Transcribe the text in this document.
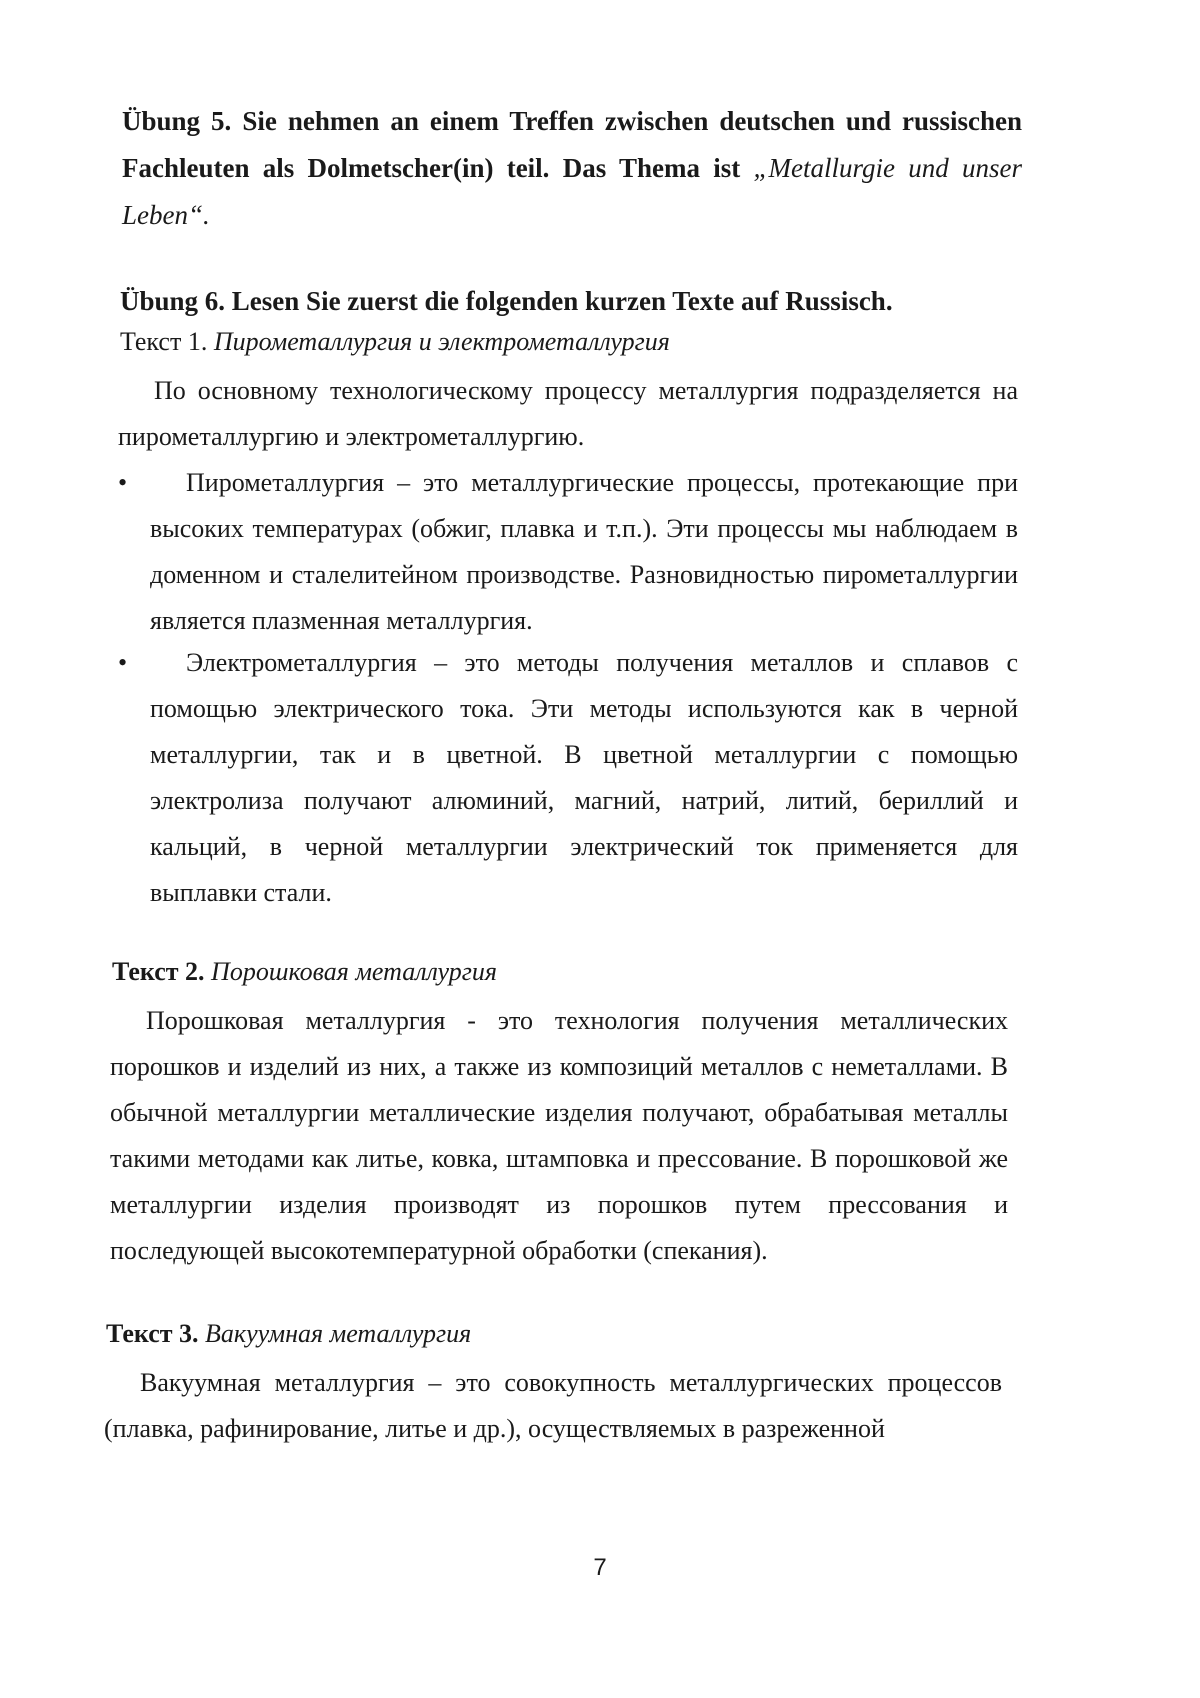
Übung 5. Sie nehmen an einem Treffen zwischen deutschen und russischen Fachleuten als Dolmetscher(in) teil. Das Thema ist „Metallurgie und unser Leben“.
Übung 6. Lesen Sie zuerst die folgenden kurzen Texte auf Russisch.
Текст 1. Пирометаллургия и электрометаллургия
По основному технологическому процессу металлургия подразделяется на пирометаллургию и электрометаллургию.
•	Пирометаллургия – это металлургические процессы, протекающие при высоких температурах (обжиг, плавка и т.п.). Эти процессы мы наблюдаем в доменном и сталелитейном производстве. Разновидностью пирометаллургии является плазменная металлургия.
•	Электрометаллургия – это методы получения металлов и сплавов с помощью электрического тока. Эти методы используются как в черной металлургии, так и в цветной. В цветной металлургии с помощью электролиза получают алюминий, магний, натрий, литий, бериллий и кальций, в черной металлургии электрический ток применяется для выплавки стали.
Текст 2. Порошковая металлургия
Порошковая металлургия - это технология получения металлических порошков и изделий из них, а также из композиций металлов с неметаллами. В обычной металлургии металлические изделия получают, обрабатывая металлы такими методами как литье, ковка, штамповка и прессование. В порошковой же металлургии изделия производят из порошков путем прессования и последующей высокотемпературной обработки (спекания).
Текст 3. Вакуумная металлургия
Вакуумная металлургия – это совокупность металлургических процессов (плавка, рафинирование, литье и др.), осуществляемых в разреженной
7
